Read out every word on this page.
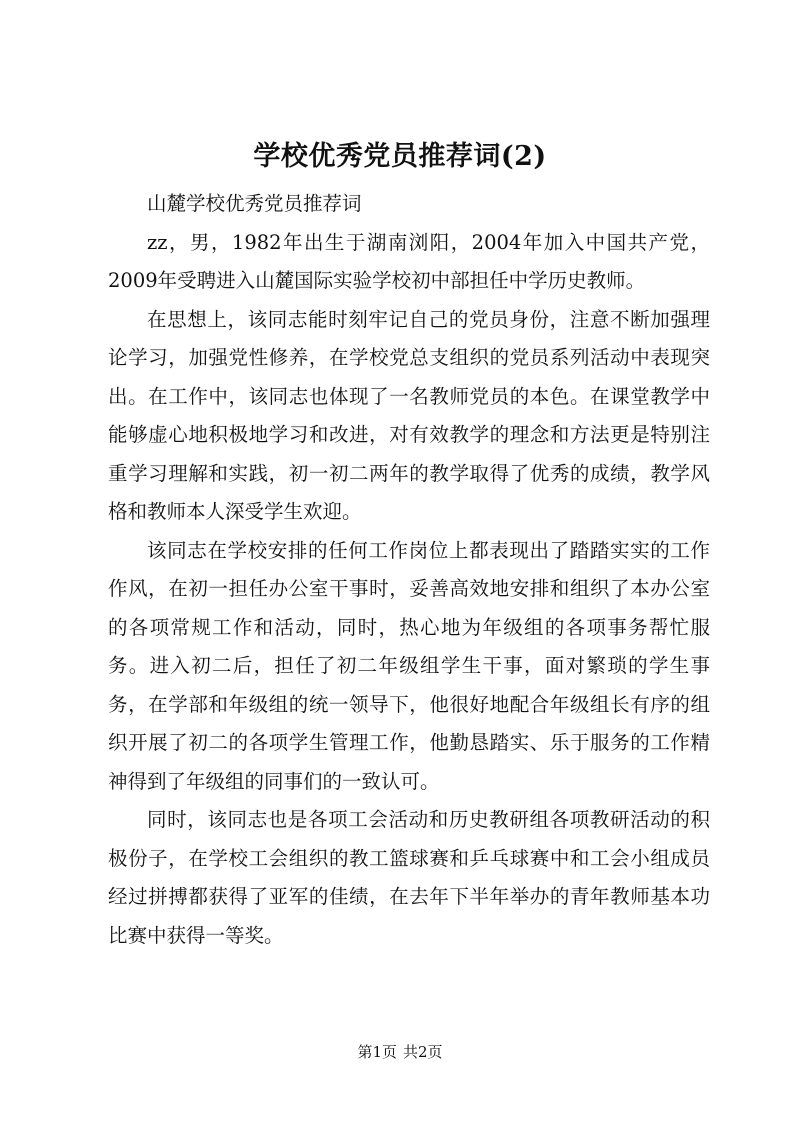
学校优秀党员推荐词(2)

山麓学校优秀党员推荐词

zz，男，1982年出生于湖南浏阳，2004年加入中国共产党，2009年受聘进入山麓国际实验学校初中部担任中学历史教师。

在思想上，该同志能时刻牢记自己的党员身份，注意不断加强理论学习，加强党性修养，在学校党总支组织的党员系列活动中表现突出。在工作中，该同志也体现了一名教师党员的本色。在课堂教学中能够虚心地积极地学习和改进，对有效教学的理念和方法更是特别注重学习理解和实践，初一初二两年的教学取得了优秀的成绩，教学风格和教师本人深受学生欢迎。

该同志在学校安排的任何工作岗位上都表现出了踏踏实实的工作作风，在初一担任办公室干事时，妥善高效地安排和组织了本办公室的各项常规工作和活动，同时，热心地为年级组的各项事务帮忙服务。进入初二后，担任了初二年级组学生干事，面对繁琐的学生事务，在学部和年级组的统一领导下，他很好地配合年级组长有序的组织开展了初二的各项学生管理工作，他勤恳踏实、乐于服务的工作精神得到了年级组的同事们的一致认可。

同时，该同志也是各项工会活动和历史教研组各项教研活动的积极份子，在学校工会组织的教工篮球赛和乒乓球赛中和工会小组成员经过拼搏都获得了亚军的佳绩，在去年下半年举办的青年教师基本功比赛中获得一等奖。

第1页 共2页
